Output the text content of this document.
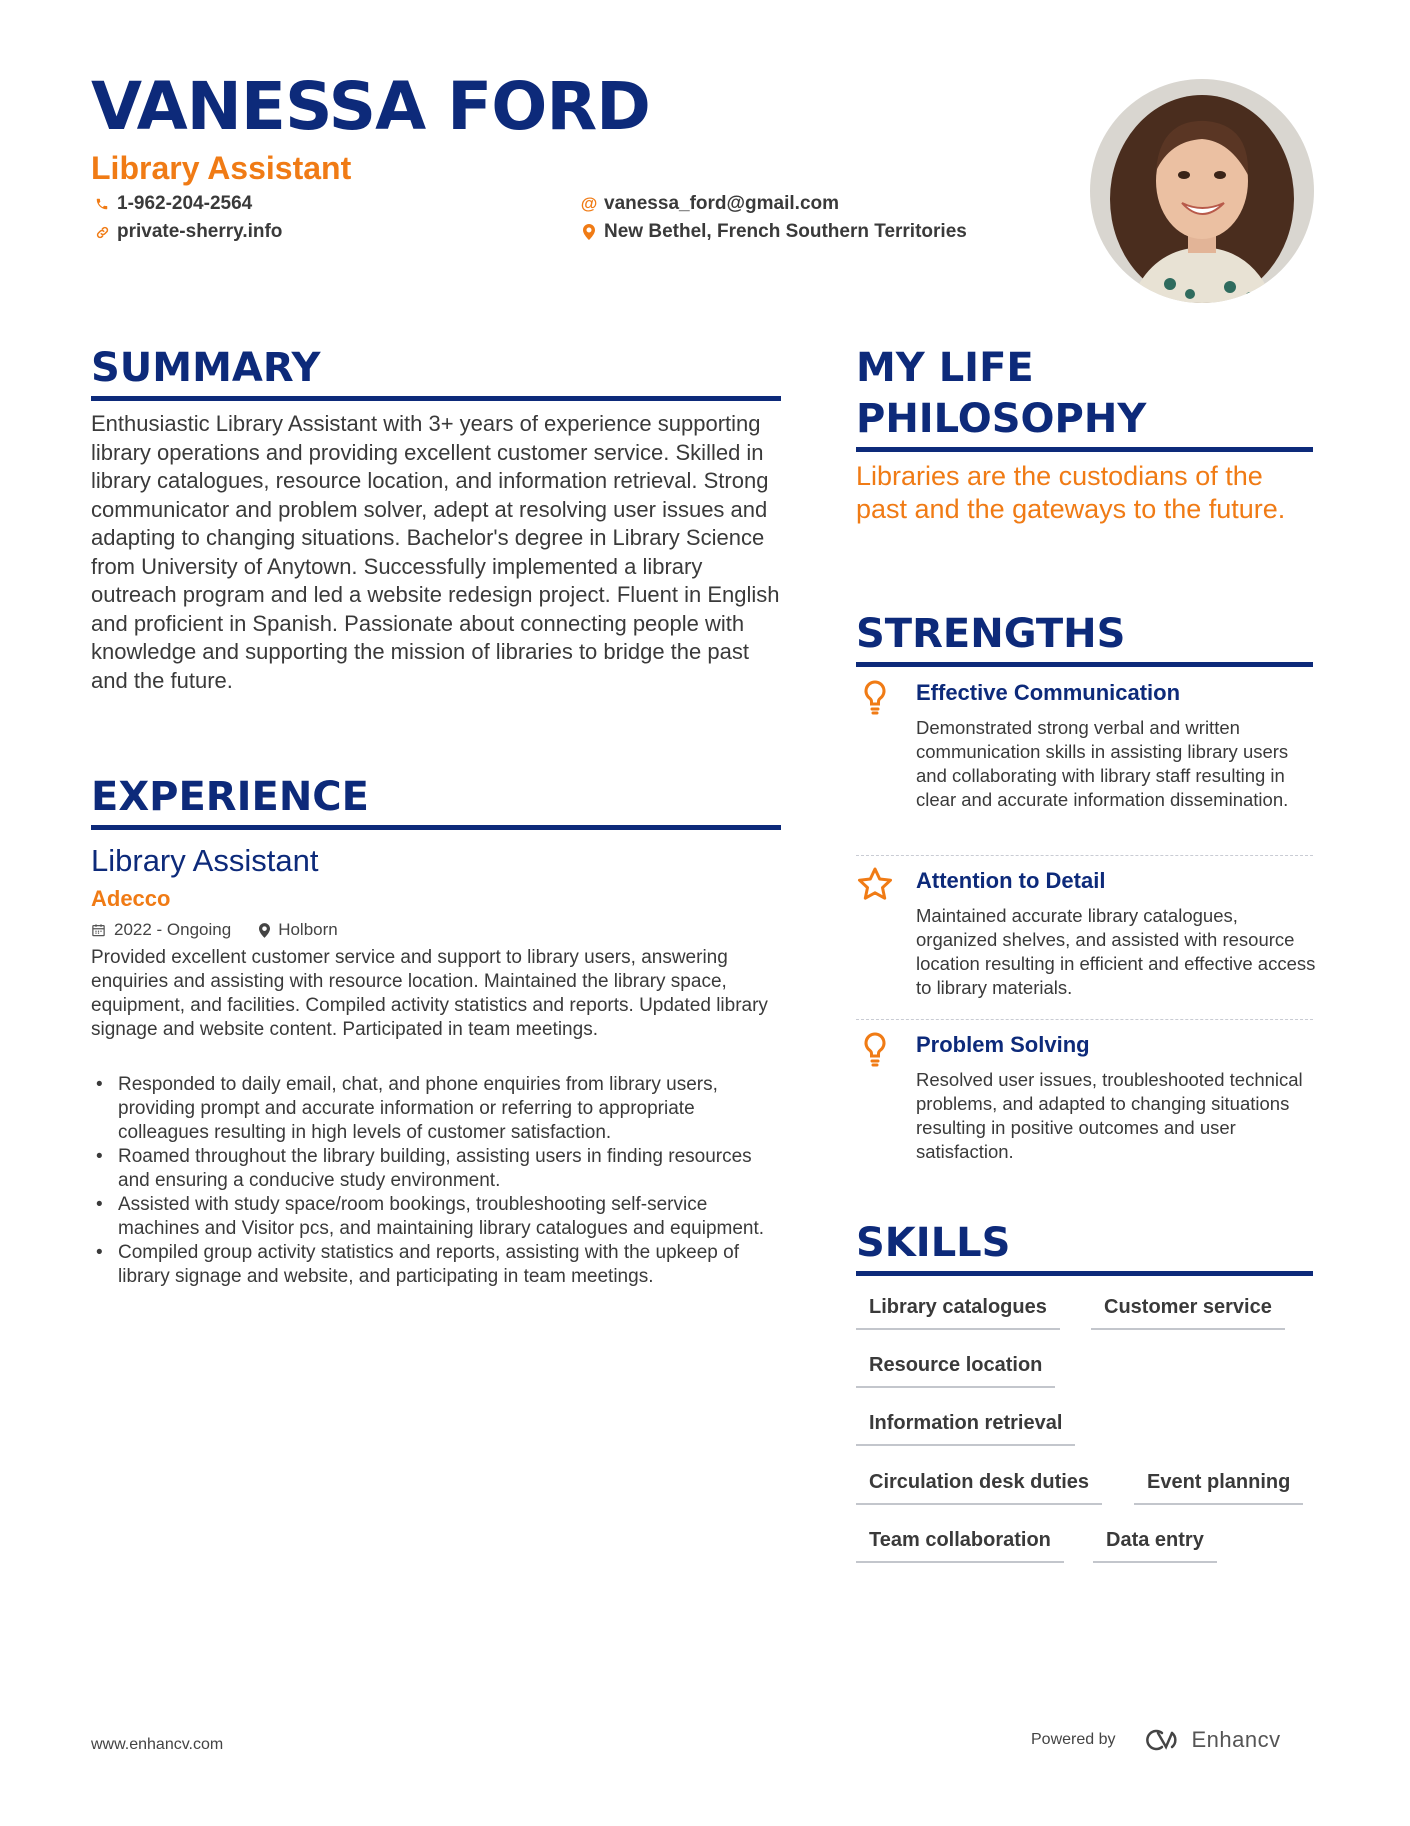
VANESSA FORD
Library Assistant
1-962-204-2564
private-sherry.info
@ vanessa_ford@gmail.com
New Bethel, French Southern Territories
SUMMARY
Enthusiastic Library Assistant with 3+ years of experience supporting library operations and providing excellent customer service. Skilled in library catalogues, resource location, and information retrieval. Strong communicator and problem solver, adept at resolving user issues and adapting to changing situations. Bachelor's degree in Library Science from University of Anytown. Successfully implemented a library outreach program and led a website redesign project. Fluent in English and proficient in Spanish. Passionate about connecting people with knowledge and supporting the mission of libraries to bridge the past and the future.
EXPERIENCE
Library Assistant
Adecco
2022 - Ongoing	Holborn
Provided excellent customer service and support to library users, answering enquiries and assisting with resource location. Maintained the library space, equipment, and facilities. Compiled activity statistics and reports. Updated library signage and website content. Participated in team meetings.
• Responded to daily email, chat, and phone enquiries from library users, providing prompt and accurate information or referring to appropriate colleagues resulting in high levels of customer satisfaction.
• Roamed throughout the library building, assisting users in finding resources and ensuring a conducive study environment.
• Assisted with study space/room bookings, troubleshooting self-service machines and Visitor pcs, and maintaining library catalogues and equipment.
• Compiled group activity statistics and reports, assisting with the upkeep of library signage and website, and participating in team meetings.
MY LIFE
PHILOSOPHY
Libraries are the custodians of the past and the gateways to the future.
STRENGTHS
Effective Communication
Demonstrated strong verbal and written communication skills in assisting library users and collaborating with library staff resulting in clear and accurate information dissemination.
Attention to Detail
Maintained accurate library catalogues, organized shelves, and assisted with resource location resulting in efficient and effective access to library materials.
Problem Solving
Resolved user issues, troubleshooted technical problems, and adapted to changing situations resulting in positive outcomes and user satisfaction.
SKILLS
Library catalogues	Customer service
Resource location
Information retrieval
Circulation desk duties	Event planning
Team collaboration	Data entry
www.enhancv.com	Powered by	Enhancv
